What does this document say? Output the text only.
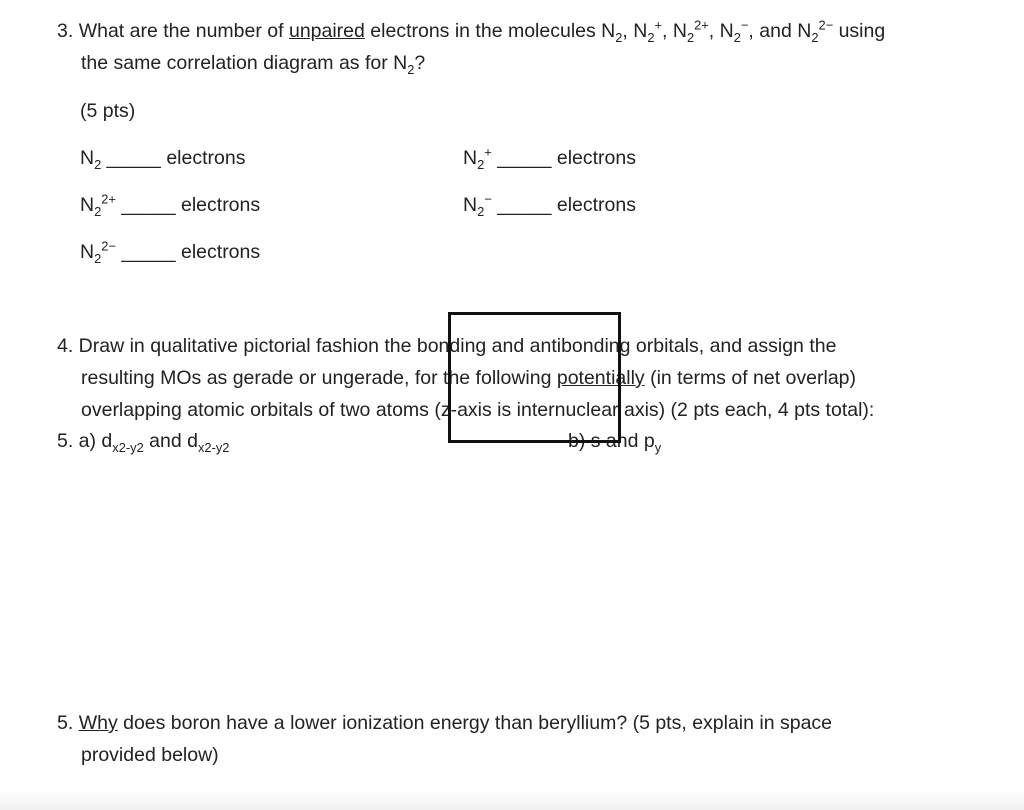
3. What are the number of unpaired electrons in the molecules $N_2$, $N_2^+$, $N_2^{2+}$, $N_2^-$, and $N_2^{2-}$ using
the same correlation diagram as for $N_2$?
(5 pts)
$N_2$ _____ electrons	$N_2^+$ _____ electrons
$N_2^{2+}$ _____ electrons	$N_2^-$ _____ electrons
$N_2^{2-}$ _____ electrons
4. Draw in qualitative pictorial fashion the bonding and antibonding orbitals, and assign the
resulting MOs as gerade or ungerade, for the following potentially (in terms of net overlap)
overlapping atomic orbitals of two atoms (z-axis is internuclear axis) (2 pts each, 4 pts total):
5. a) $d_{x2-y2}$ and $d_{x2-y2}$	b) s and $p_y$
5. Why does boron have a lower ionization energy than beryllium? (5 pts, explain in space
provided below)
